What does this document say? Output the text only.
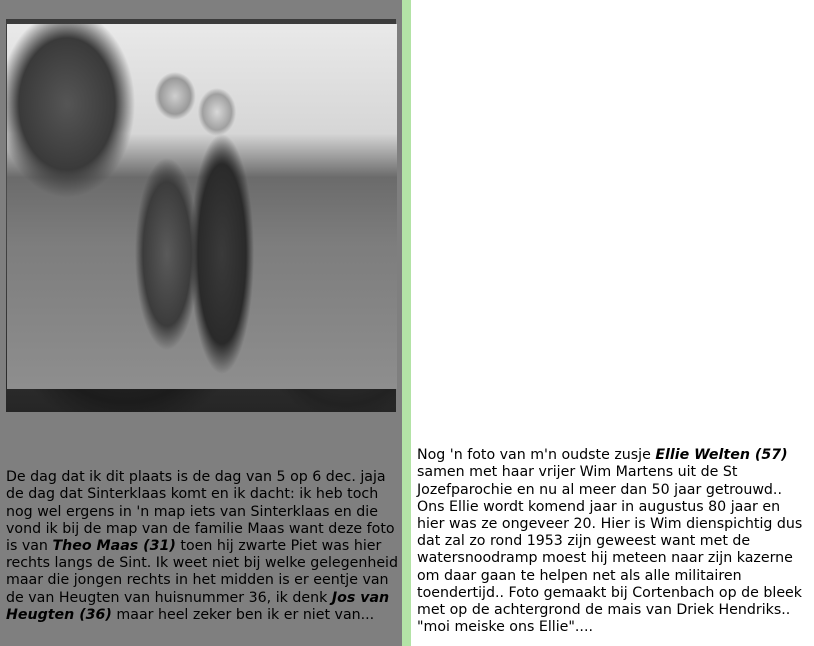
De dag dat ik dit plaats is de dag van 5 op 6 dec. jaja de dag dat Sinterklaas komt en ik dacht: ik heb toch nog wel ergens in 'n map iets van Sinterklaas en die vond ik bij de map van de familie Maas want deze foto is van Theo Maas (31) toen hij zwarte Piet was hier rechts langs de Sint. Ik weet niet bij welke gelegenheid maar die jongen rechts in het midden is er eentje van de van Heugten van huisnummer 36, ik denk Jos van Heugten (36) maar heel zeker ben ik er niet van...

Nog 'n foto van m'n oudste zusje Ellie Welten (57) samen met haar vrijer Wim Martens uit de St Jozefparochie en nu al meer dan 50 jaar getrouwd.. Ons Ellie wordt komend jaar in augustus 80 jaar en hier was ze ongeveer 20. Hier is Wim dienspichtig dus dat zal zo rond 1953 zijn geweest want met de watersnoodramp moest hij meteen naar zijn kazerne om daar gaan te helpen net als alle militairen toendertijd.. Foto gemaakt bij Cortenbach op de bleek met op de achtergrond de mais van Driek Hendriks.. "moi meiske ons Ellie"....
